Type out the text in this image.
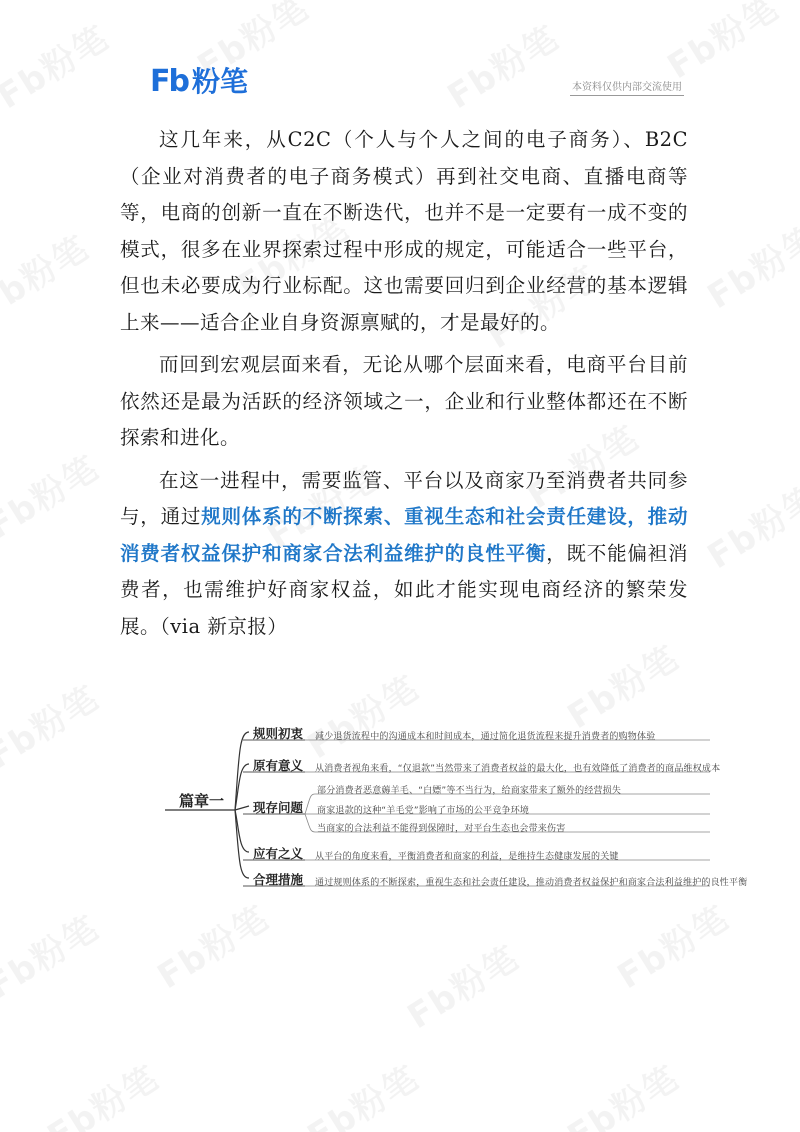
Fb 粉笔	本资料仅供内部交流使用

这几年来，从C2C（个人与个人之间的电子商务）、B2C（企业对消费者的电子商务模式）再到社交电商、直播电商等等，电商的创新一直在不断迭代，也并不是一定要有一成不变的模式，很多在业界探索过程中形成的规定，可能适合一些平台，但也未必要成为行业标配。这也需要回归到企业经营的基本逻辑上来——适合企业自身资源禀赋的，才是最好的。

而回到宏观层面来看，无论从哪个层面来看，电商平台目前依然还是最为活跃的经济领域之一，企业和行业整体都还在不断探索和进化。

在这一进程中，需要监管、平台以及商家乃至消费者共同参与，通过规则体系的不断探索、重视生态和社会责任建设，推动消费者权益保护和商家合法利益维护的良性平衡，既不能偏袒消费者，也需维护好商家权益，如此才能实现电商经济的繁荣发展。（via 新京报）

篇章一
规则初衷 减少退货流程中的沟通成本和时间成本，通过简化退货流程来提升消费者的购物体验
原有意义 从消费者视角来看，“仅退款”当然带来了消费者权益的最大化，也有效降低了消费者的商品维权成本
现存问题
部分消费者恶意薅羊毛、“白嫖”等不当行为，给商家带来了额外的经营损失
商家退款的这种“羊毛党”影响了市场的公平竞争环境
当商家的合法利益不能得到保障时，对平台生态也会带来伤害
应有之义 从平台的角度来看，平衡消费者和商家的利益，是维持生态健康发展的关键
合理措施 通过规则体系的不断探索，重视生态和社会责任建设，推动消费者权益保护和商家合法利益维护的良性平衡
